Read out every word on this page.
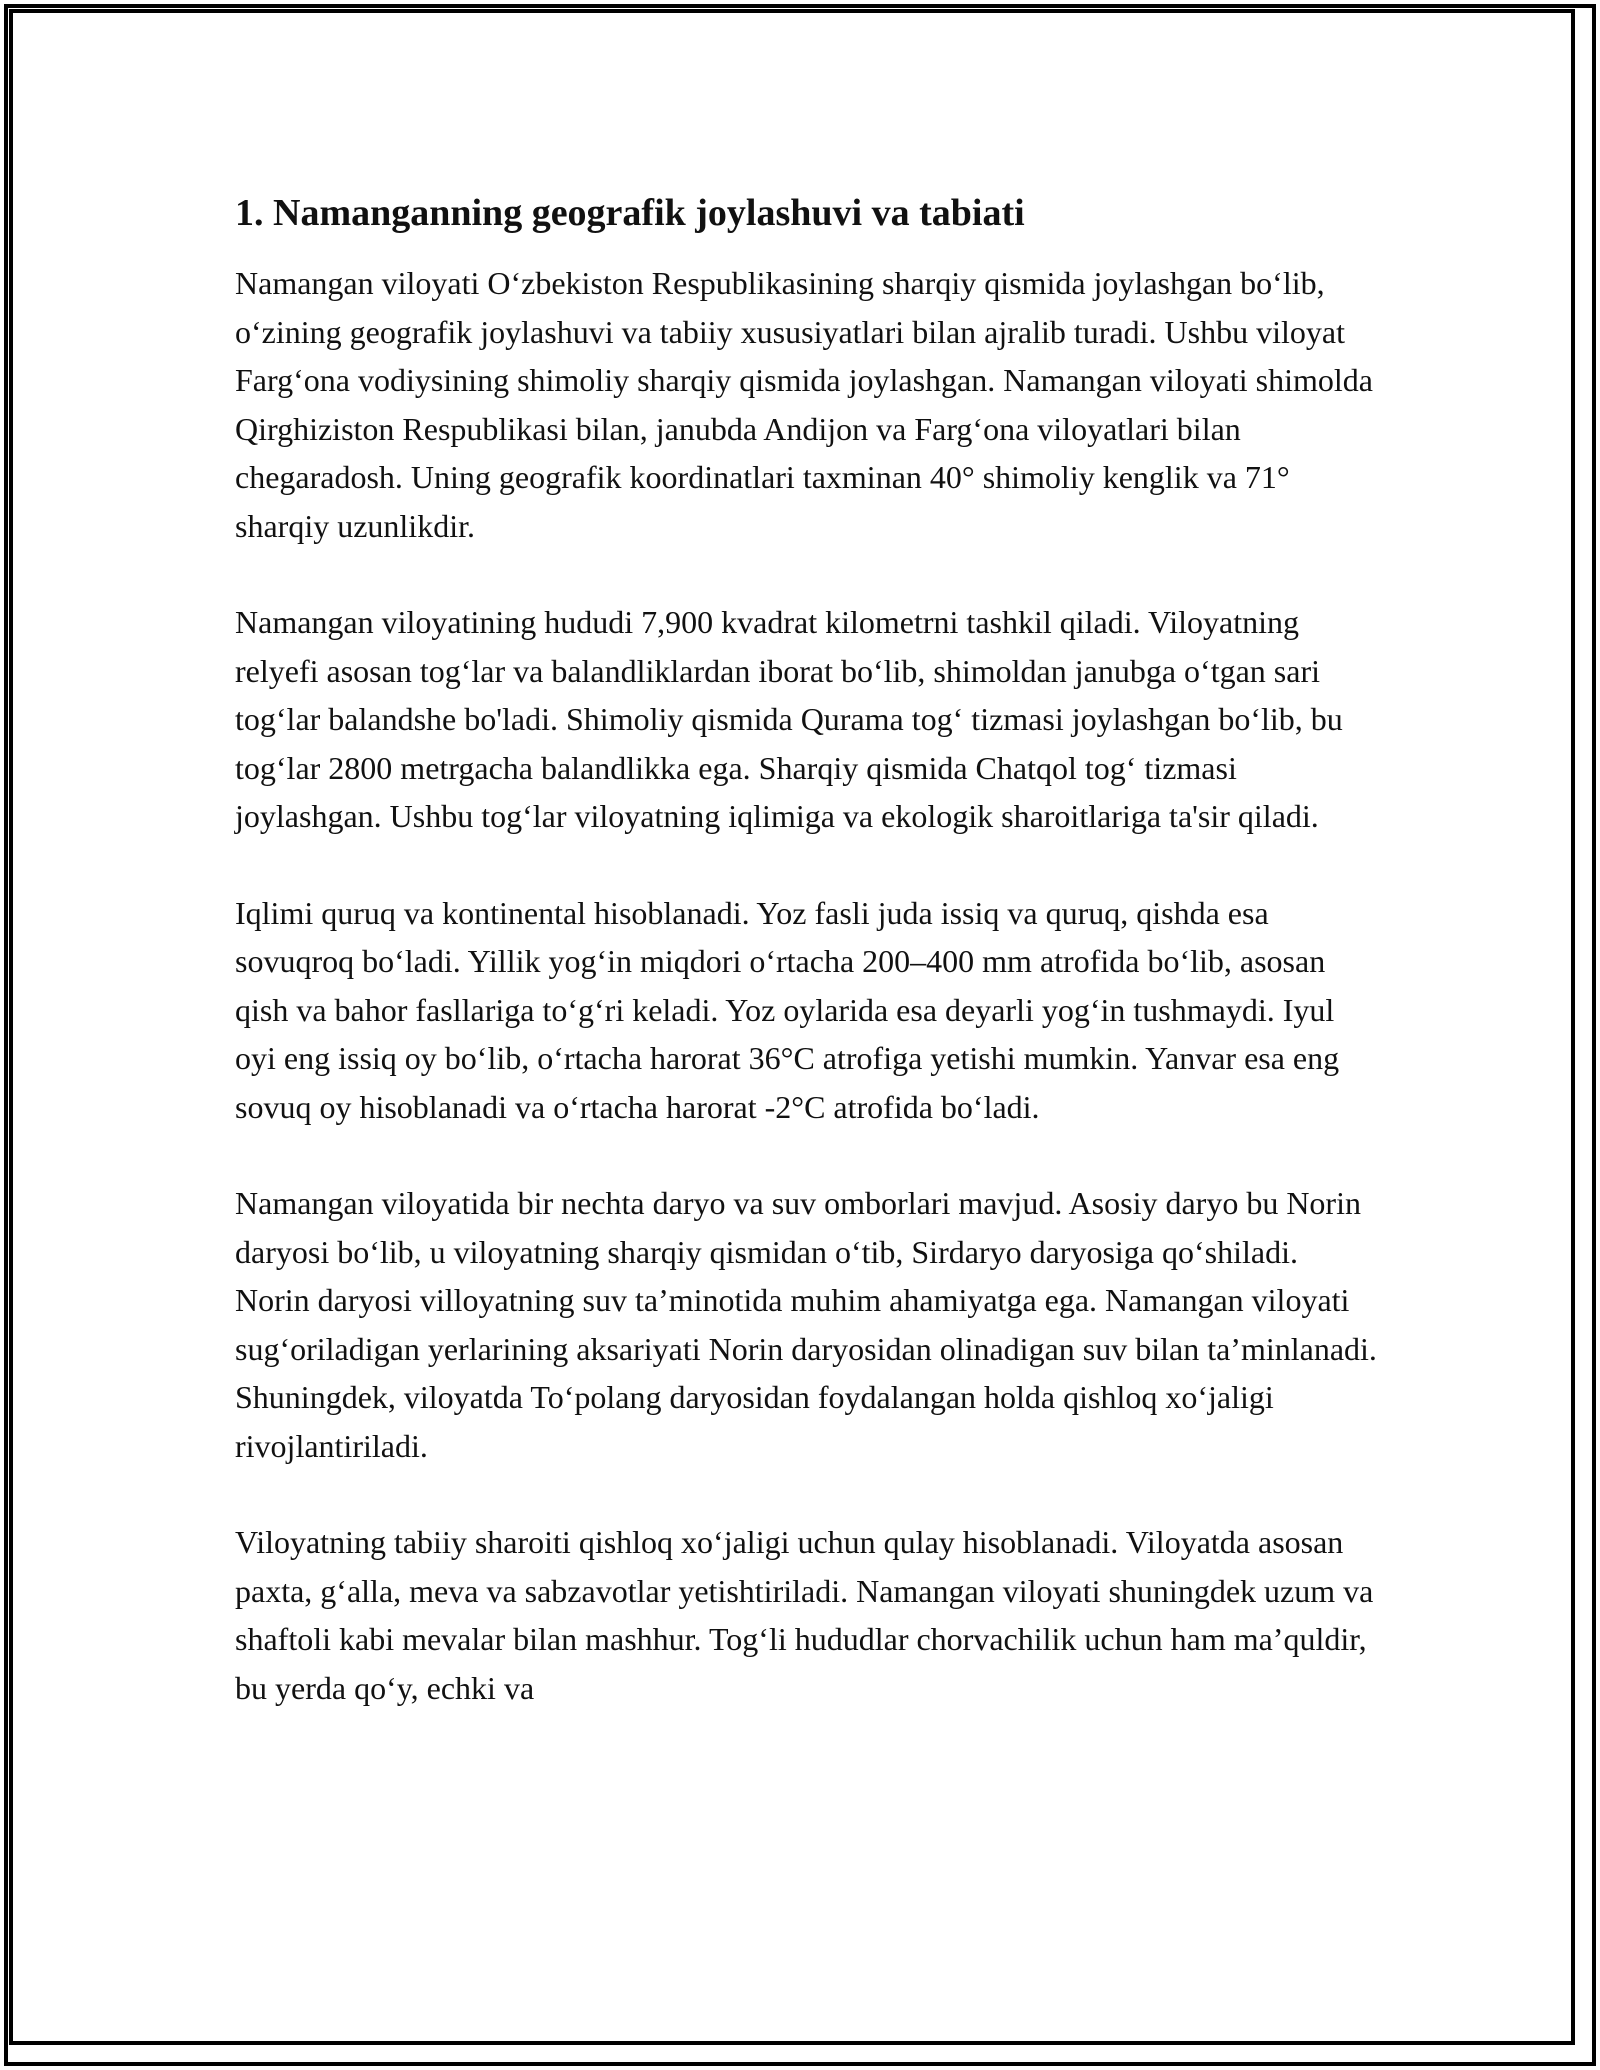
1. Namanganning geografik joylashuvi va tabiati

Namangan viloyati O‘zbekiston Respublikasining sharqiy qismida joylashgan bo‘lib, o‘zining geografik joylashuvi va tabiiy xususiyatlari bilan ajralib turadi. Ushbu viloyat Farg‘ona vodiysining shimoliy sharqiy qismida joylashgan. Namangan viloyati shimolda Qirghiziston Respublikasi bilan, janubda Andijon va Farg‘ona viloyatlari bilan chegaradosh. Uning geografik koordinatlari taxminan 40° shimoliy kenglik va 71° sharqiy uzunlikdir.

Namangan viloyatining hududi 7,900 kvadrat kilometrni tashkil qiladi. Viloyatning relyefi asosan tog‘lar va balandliklardan iborat bo‘lib, shimoldan janubga o‘tgan sari tog‘lar balandshe bo'ladi. Shimoliy qismida Qurama tog‘ tizmasi joylashgan bo‘lib, bu tog‘lar 2800 metrgacha balandlikka ega. Sharqiy qismida Chatqol tog‘ tizmasi joylashgan. Ushbu tog‘lar viloyatning iqlimiga va ekologik sharoitlariga ta'sir qiladi.

Iqlimi quruq va kontinental hisoblanadi. Yoz fasli juda issiq va quruq, qishda esa sovuqroq bo‘ladi. Yillik yog‘in miqdori o‘rtacha 200–400 mm atrofida bo‘lib, asosan qish va bahor fasllariga to‘g‘ri keladi. Yoz oylarida esa deyarli yog‘in tushmaydi. Iyul oyi eng issiq oy bo‘lib, o‘rtacha harorat 36°C atrofiga yetishi mumkin. Yanvar esa eng sovuq oy hisoblanadi va o‘rtacha harorat -2°C atrofida bo‘ladi.

Namangan viloyatida bir nechta daryo va suv omborlari mavjud. Asosiy daryo bu Norin daryosi bo‘lib, u viloyatning sharqiy qismidan o‘tib, Sirdaryo daryosiga qo‘shiladi. Norin daryosi villoyatning suv ta’minotida muhim ahamiyatga ega. Namangan viloyati sug‘oriladigan yerlarining aksariyati Norin daryosidan olinadigan suv bilan ta’minlanadi. Shuningdek, viloyatda To‘polang daryosidan foydalangan holda qishloq xo‘jaligi rivojlantiriladi.

Viloyatning tabiiy sharoiti qishloq xo‘jaligi uchun qulay hisoblanadi. Viloyatda asosan paxta, g‘alla, meva va sabzavotlar yetishtiriladi. Namangan viloyati shuningdek uzum va shaftoli kabi mevalar bilan mashhur. Tog‘li hududlar chorvachilik uchun ham ma’quldir, bu yerda qo‘y, echki va
